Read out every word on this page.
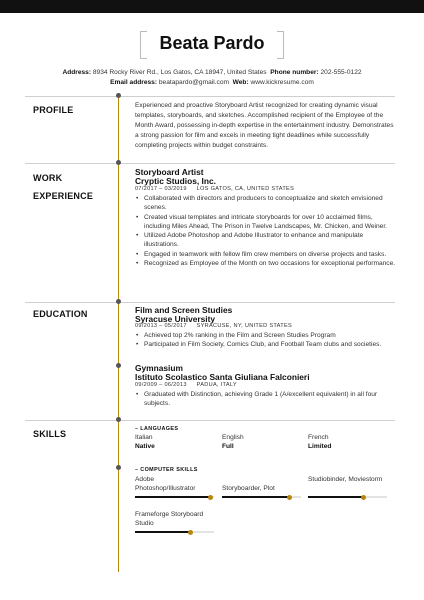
Beata Pardo
Address: 8934 Rocky River Rd., Los Gatos, CA 18947, United States Phone number: 202-555-0122
Email address: beatapardo@gmail.com Web: www.kickresume.com
PROFILE	Experienced and proactive Storyboard Artist recognized for creating dynamic visual templates, storyboards, and sketches. Accomplished recipient of the Employee of the Month Award, possessing in-depth expertise in the entertainment industry. Demonstrates a strong passion for film and excels in meeting tight deadlines while successfully completing projects within budget constraints.
WORK
EXPERIENCE
Storyboard Artist
Cryptic Studios, Inc.
07/2017 – 03/2019 LOS GATOS, CA, UNITED STATES
• Collaborated with directors and producers to conceptualize and sketch envisioned scenes.
• Created visual templates and intricate storyboards for over 10 acclaimed films, including Miles Ahead, The Prison in Twelve Landscapes, Mr. Chicken, and Weiner.
• Utilized Adobe Photoshop and Adobe Illustrator to enhance and manipulate illustrations.
• Engaged in teamwork with fellow film crew members on diverse projects and tasks.
• Recognized as Employee of the Month on two occasions for exceptional performance.
EDUCATION	Film and Screen Studies
Syracuse University
09/2013 – 05/2017 SYRACUSE, NY, UNITED STATES
• Achieved top 2% ranking in the Film and Screen Studies Program
• Participated in Film Society, Comics Club, and Football Team clubs and societies.
Gymnasium
Istituto Scolastico Santa Giuliana Falconieri
09/2009 – 06/2013 PADUA, ITALY
• Graduated with Distinction, achieving Grade 1 (A/excellent equivalent) in all four subjects.
SKILLS	– LANGUAGES
Italian
Native
English
Full
French
Limited
– COMPUTER SKILLS
Adobe Photoshop/Illustrator	Storyboarder, Plot
Studiobinder, Moviestorm
Frameforge Storyboard Studio
